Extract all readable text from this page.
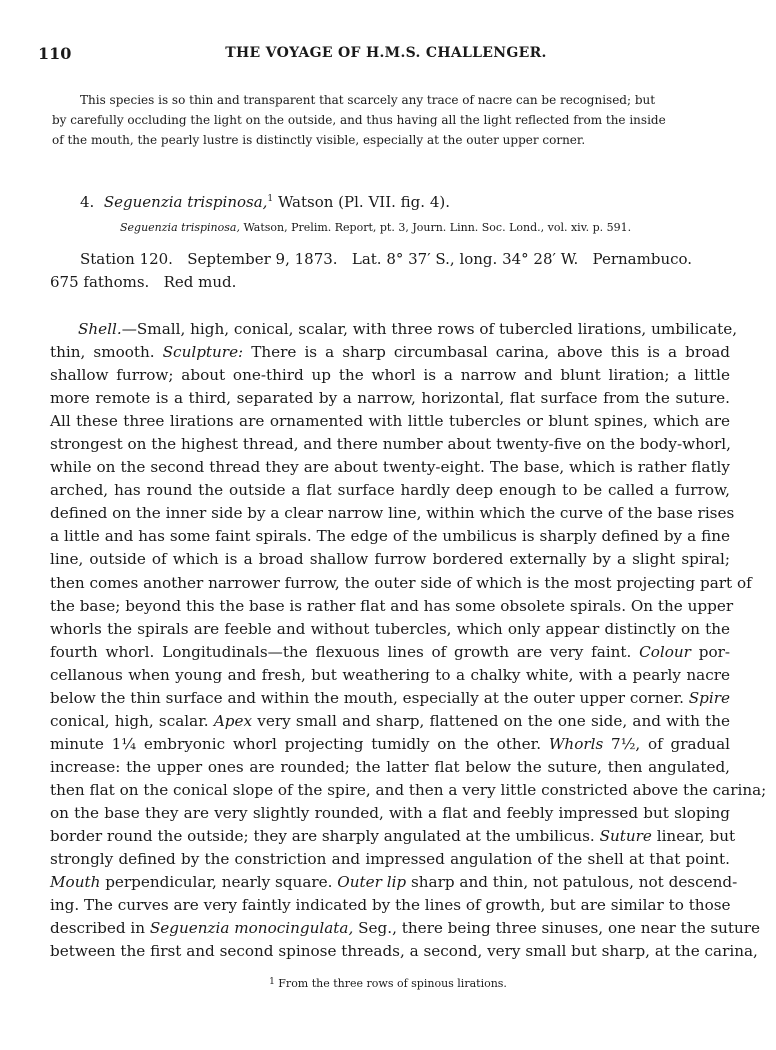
110	THE VOYAGE OF H.M.S. CHALLENGER.
This species is so thin and transparent that scarcely any trace of nacre can be recognised; but
by carefully occluding the light on the outside, and thus having all the light reflected from the inside
of the mouth, the pearly lustre is distinctly visible, especially at the outer upper corner.
4. Seguenzia trispinosa,$^1$ Watson (Pl. VII. fig. 4).
Seguenzia trispinosa, Watson, Prelim. Report, pt. 3, Journ. Linn. Soc. Lond., vol. xiv. p. 591.
Station 120.   September 9, 1873.   Lat. 8° 37′ S., long. 34° 28′ W.   Pernambuco.
675 fathoms.   Red mud.
Shell.—Small, high, conical, scalar, with three rows of tubercled lirations, umbilicate,
thin, smooth. Sculpture: There is a sharp circumbasal carina, above this is a broad
shallow furrow; about one-third up the whorl is a narrow and blunt liration; a little
more remote is a third, separated by a narrow, horizontal, flat surface from the suture.
All these three lirations are ornamented with little tubercles or blunt spines, which are
strongest on the highest thread, and there number about twenty-five on the body-whorl,
while on the second thread they are about twenty-eight. The base, which is rather flatly
arched, has round the outside a flat surface hardly deep enough to be called a furrow,
defined on the inner side by a clear narrow line, within which the curve of the base rises
a little and has some faint spirals. The edge of the umbilicus is sharply defined by a fine
line, outside of which is a broad shallow furrow bordered externally by a slight spiral;
then comes another narrower furrow, the outer side of which is the most projecting part of
the base; beyond this the base is rather flat and has some obsolete spirals. On the upper
whorls the spirals are feeble and without tubercles, which only appear distinctly on the
fourth whorl. Longitudinals—the flexuous lines of growth are very faint. Colour por-
cellanous when young and fresh, but weathering to a chalky white, with a pearly nacre
below the thin surface and within the mouth, especially at the outer upper corner. Spire
conical, high, scalar. Apex very small and sharp, flattened on the one side, and with the
minute 1¼ embryonic whorl projecting tumidly on the other. Whorls 7½, of gradual
increase: the upper ones are rounded; the latter flat below the suture, then angulated,
then flat on the conical slope of the spire, and then a very little constricted above the carina;
on the base they are very slightly rounded, with a flat and feebly impressed but sloping
border round the outside; they are sharply angulated at the umbilicus. Suture linear, but
strongly defined by the constriction and impressed angulation of the shell at that point.
Mouth perpendicular, nearly square. Outer lip sharp and thin, not patulous, not descend-
ing. The curves are very faintly indicated by the lines of growth, but are similar to those
described in Seguenzia monocingulata, Seg., there being three sinuses, one near the suture
between the first and second spinose threads, a second, very small but sharp, at the carina,
$^1$ From the three rows of spinous lirations.
